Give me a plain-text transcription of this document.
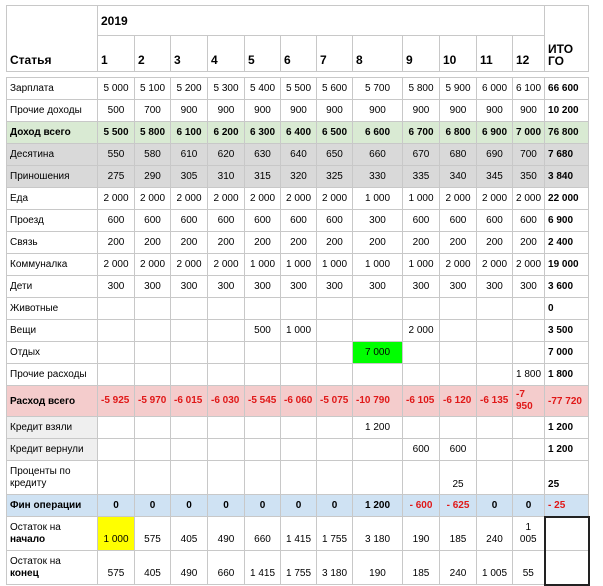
Статья	2019												ИТО ГО	
	1	2	3	4	5	6	7	8	9	10	11	12		

Зарплата	5 000	5 100	5 200	5 300	5 400	5 500	5 600	5 700	5 800	5 900	6 000	6 100	66 600	
Прочие доходы	500	700	900	900	900	900	900	900	900	900	900	900	10 200	
Доход всего	5 500	5 800	6 100	6 200	6 300	6 400	6 500	6 600	6 700	6 800	6 900	7 000	76 800	
Десятина	550	580	610	620	630	640	650	660	670	680	690	700	7 680	
Приношения	275	290	305	310	315	320	325	330	335	340	345	350	3 840	
Еда	2 000	2 000	2 000	2 000	2 000	2 000	2 000	1 000	1 000	2 000	2 000	2 000	22 000	
Проезд	600	600	600	600	600	600	600	300	600	600	600	600	6 900	
Связь	200	200	200	200	200	200	200	200	200	200	200	200	2 400	
Коммуналка	2 000	2 000	2 000	2 000	1 000	1 000	1 000	1 000	1 000	2 000	2 000	2 000	19 000	
Дети	300	300	300	300	300	300	300	300	300	300	300	300	3 600	
Животные													0	
Вещи					500	1 000			2 000				3 500	
Отдых								7 000					7 000	
Прочие расходы												1 800	1 800	
Расход всего	-5 925	-5 970	-6 015	-6 030	-5 545	-6 060	-5 075	-10 790	-6 105	-6 120	-6 135	-7 950	-77 720	
Кредит взяли								1 200					1 200	
Кредит вернули									600	600			1 200	
Проценты по кредиту										25			25	
Фин операции	0	0	0	0	0	0	0	1 200	- 600	- 625	0	0	- 25	
Остаток на
начало	1 000	575	405	490	660	1 415	1 755	3 180	190	185	240	1 005		
Остаток на
конец	575	405	490	660	1 415	1 755	3 180	190	185	240	1 005	55		
